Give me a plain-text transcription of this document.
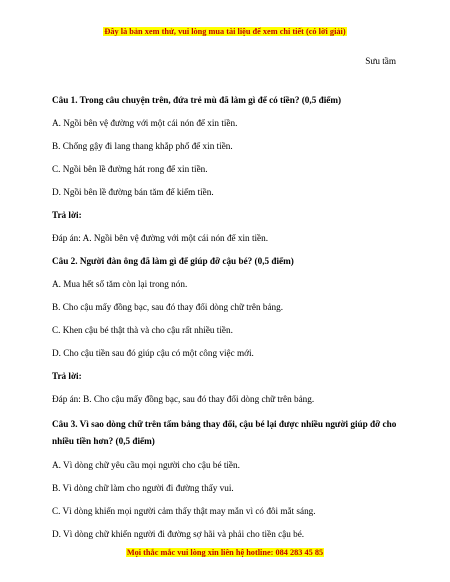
Đây là bản xem thử, vui lòng mua tài liệu để xem chi tiết (có lời giải)
Sưu tầm
Câu 1. Trong câu chuyện trên, đứa trẻ mù đã làm gì để có tiền? (0,5 điểm)
A. Ngồi bên vệ đường với một cái nón để xin tiền.
B. Chống gậy đi lang thang khắp phố để xin tiền.
C. Ngồi bên lề đường hát rong để xin tiền.
D. Ngồi bên lề đường bán tăm để kiếm tiền.
Trả lời:
Đáp án: A. Ngồi bên vệ đường với một cái nón để xin tiền.
Câu 2. Người đàn ông đã làm gì để giúp đỡ cậu bé? (0,5 điểm)
A. Mua hết số tăm còn lại trong nón.
B. Cho cậu mấy đồng bạc, sau đó thay đổi dòng chữ trên bảng.
C. Khen cậu bé thật thà và cho cậu rất nhiều tiền.
D. Cho cậu tiền sau đó giúp cậu có một công việc mới.
Trả lời:
Đáp án: B. Cho cậu mấy đồng bạc, sau đó thay đổi dòng chữ trên bảng.
Câu 3. Vì sao dòng chữ trên tấm bảng thay đổi, cậu bé lại được nhiều người giúp đỡ cho nhiều tiền hơn? (0,5 điểm)
A. Vì dòng chữ yêu cầu mọi người cho cậu bé tiền.
B. Vì dòng chữ làm cho người đi đường thấy vui.
C. Vì dòng khiến mọi người cảm thấy thật may mắn vì có đôi mắt sáng.
D. Vì dòng chữ khiến người đi đường sợ hãi và phải cho tiền cậu bé.
Mọi thắc mắc vui lòng xin liên hệ hotline: 084 283 45 85
